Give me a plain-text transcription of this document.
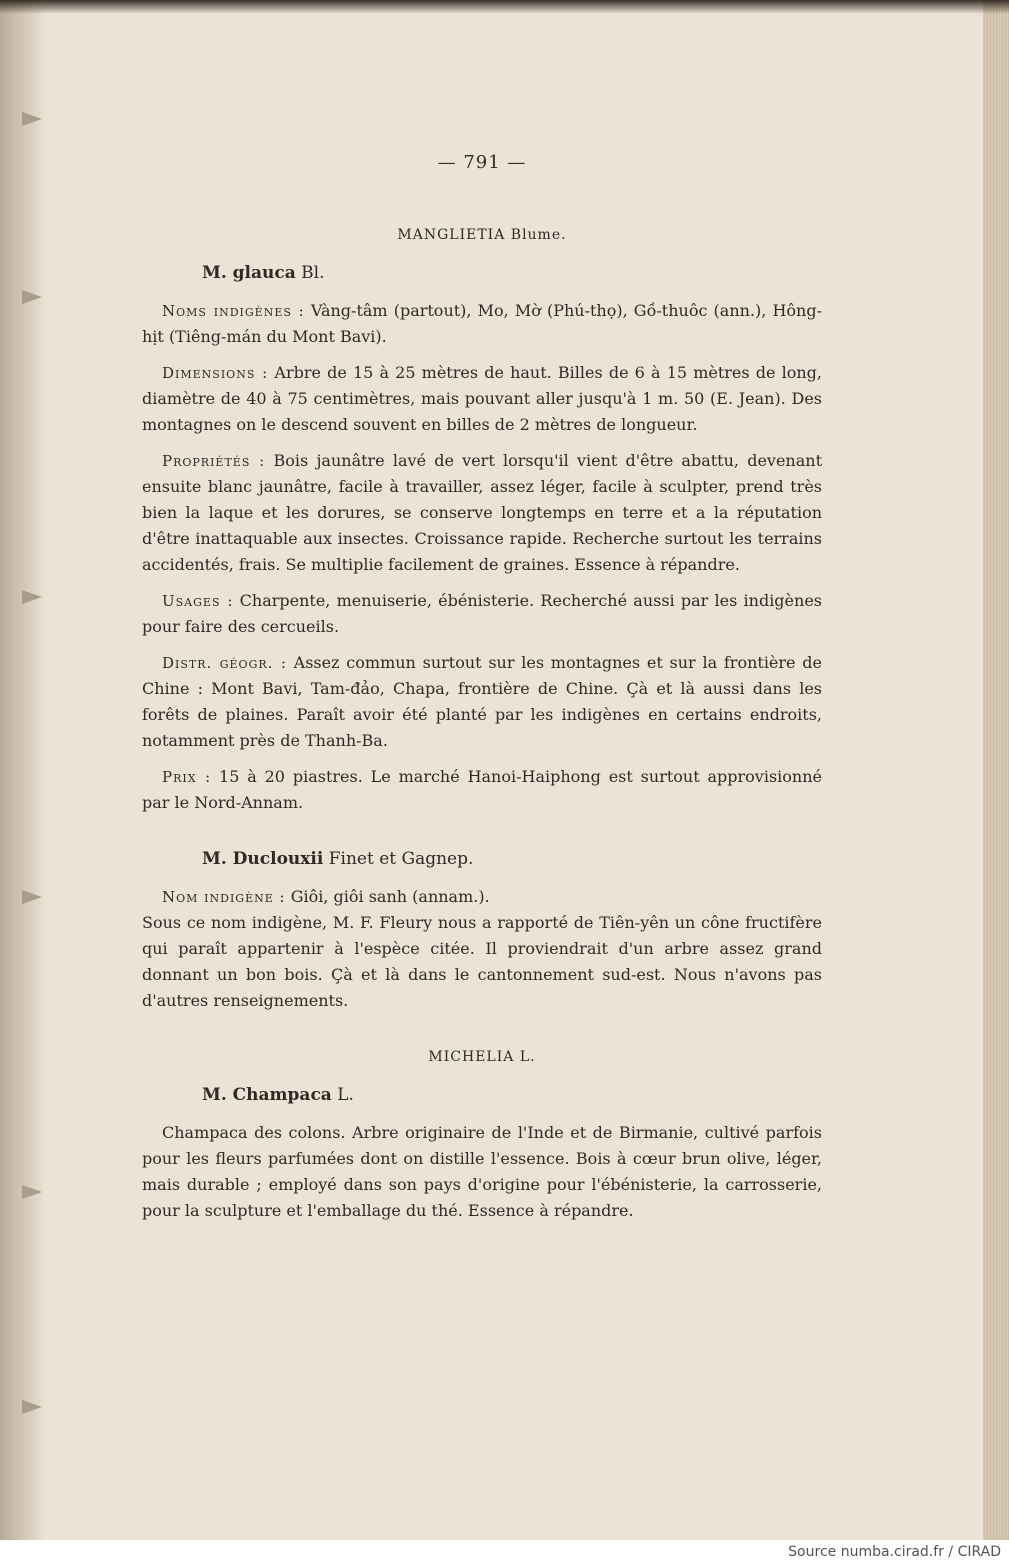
— 791 —
MANGLIETIA Blume.
M. glauca Bl.

Noms indigènes : Vàng-tâm (partout), Mo, Mờ (Phú-thọ), Gồ-thuôc (ann.), Hông-hịt (Tiêng-mán du Mont Bavi).

Dimensions : Arbre de 15 à 25 mètres de haut. Billes de 6 à 15 mètres de long, diamètre de 40 à 75 centimètres, mais pouvant aller jusqu'à 1 m. 50 (E. Jean). Des montagnes on le descend souvent en billes de 2 mètres de longueur.

Propriétés : Bois jaunâtre lavé de vert lorsqu'il vient d'être abattu, devenant ensuite blanc jaunâtre, facile à travailler, assez léger, facile à sculpter, prend très bien la laque et les dorures, se conserve longtemps en terre et a la réputation d'être inattaquable aux insectes. Croissance rapide. Recherche surtout les terrains accidentés, frais. Se multiplie facilement de graines. Essence à répandre.

Usages : Charpente, menuiserie, ébénisterie. Recherché aussi par les indigènes pour faire des cercueils.

Distr. géogr. : Assez commun surtout sur les montagnes et sur la frontière de Chine : Mont Bavi, Tam-đảo, Chapa, frontière de Chine. Çà et là aussi dans les forêts de plaines. Paraît avoir été planté par les indigènes en certains endroits, notamment près de Thanh-Ba.

Prix : 15 à 20 piastres. Le marché Hanoi-Haiphong est surtout approvisionné par le Nord-Annam.

M. Duclouxii Finet et Gagnep.

Nom indigène : Giôi, giôi sanh (annam.).

Sous ce nom indigène, M. F. Fleury nous a rapporté de Tiên-yên un cône fructifère qui paraît appartenir à l'espèce citée. Il proviendrait d'un arbre assez grand donnant un bon bois. Çà et là dans le cantonnement sud-est. Nous n'avons pas d'autres renseignements.

MICHELIA L.
M. Champaca L.

Champaca des colons. Arbre originaire de l'Inde et de Birmanie, cultivé parfois pour les fleurs parfumées dont on distille l'essence. Bois à cœur brun olive, léger, mais durable ; employé dans son pays d'origine pour l'ébénisterie, la carrosserie, pour la sculpture et l'emballage du thé. Essence à répandre.

Source numba.cirad.fr / CIRAD
